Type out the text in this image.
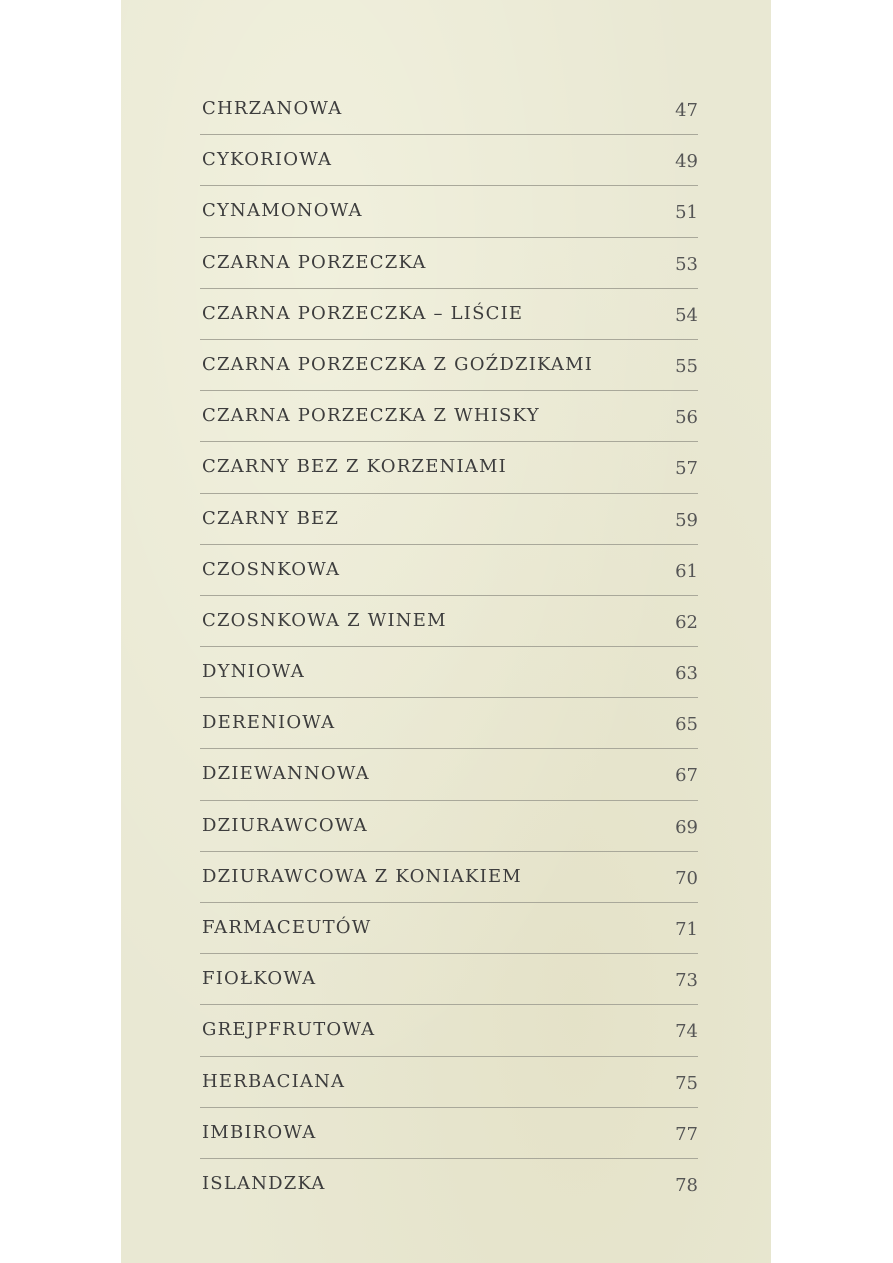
CHRZANOWA	47
CYKORIOWA	49
CYNAMONOWA	51
CZARNA PORZECZKA	53
CZARNA PORZECZKA – LIŚCIE	54
CZARNA PORZECZKA Z GOŹDZIKAMI	55
CZARNA PORZECZKA Z WHISKY	56
CZARNY BEZ Z KORZENIAMI	57
CZARNY BEZ	59
CZOSNKOWA	61
CZOSNKOWA Z WINEM	62
DYNIOWA	63
DERENIOWA	65
DZIEWANNOWA	67
DZIURAWCOWA	69
DZIURAWCOWA Z KONIAKIEM	70
FARMACEUTÓW	71
FIOŁKOWA	73
GREJPFRUTOWA	74
HERBACIANA	75
IMBIROWA	77
ISLANDZKA	78
